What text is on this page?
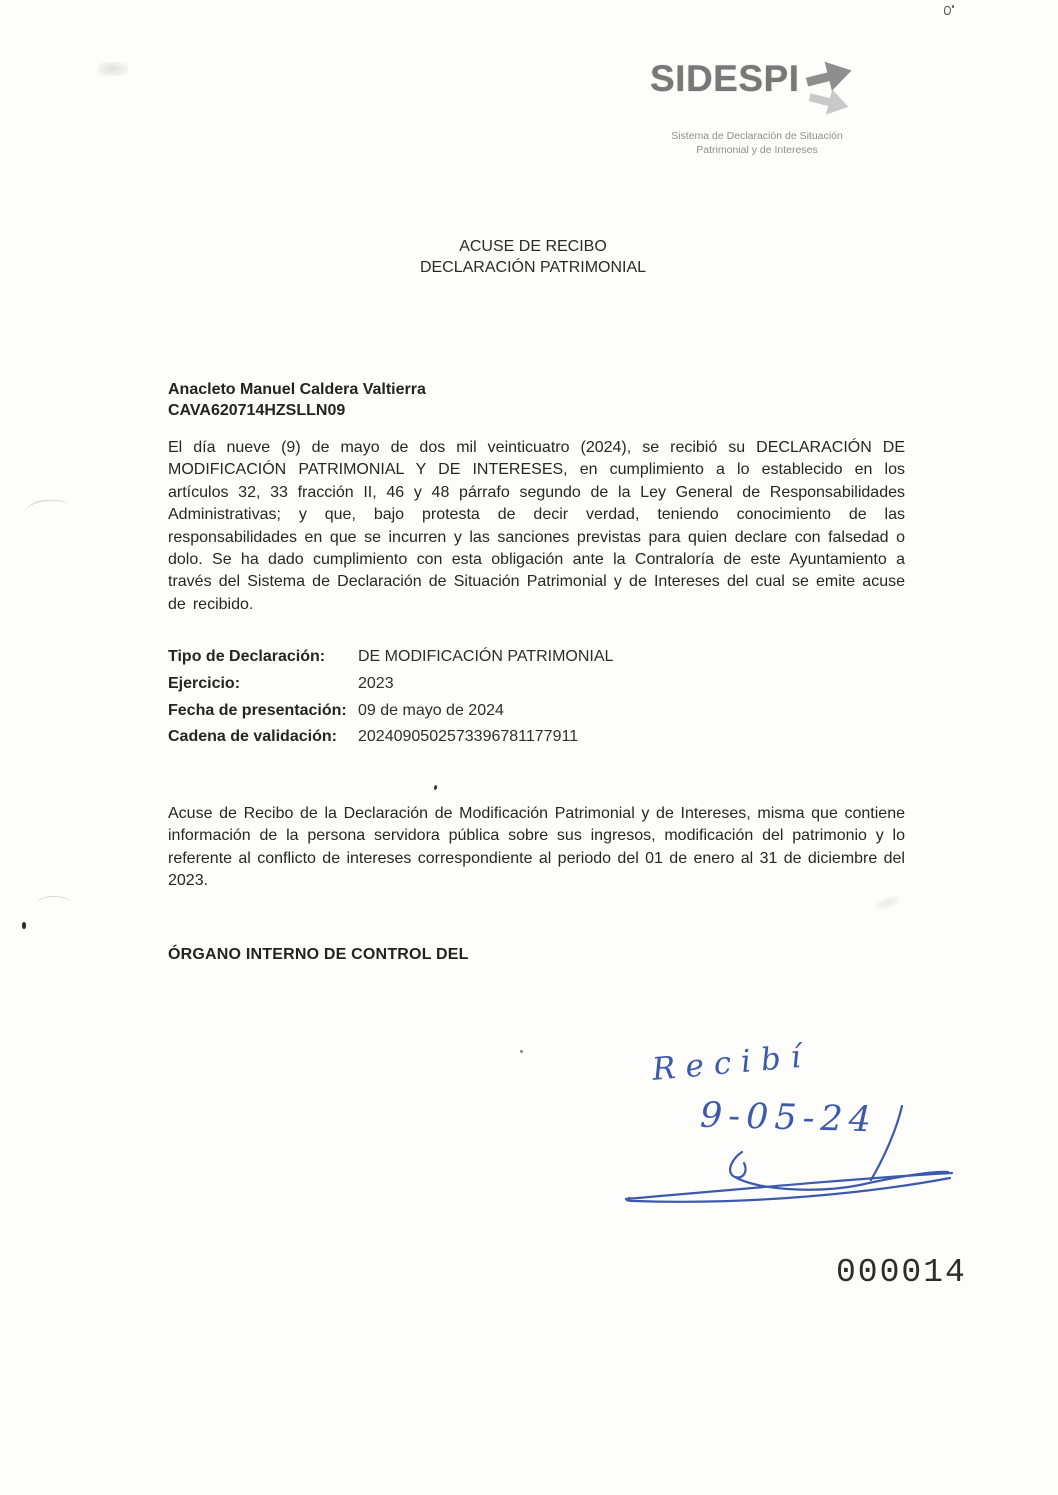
SIDESPI
Sistema de Declaración de Situación
Patrimonial y de Intereses
ACUSE DE RECIBO
DECLARACIÓN PATRIMONIAL
Anacleto Manuel Caldera Valtierra
CAVA620714HZSLLN09
El día nueve (9) de mayo de dos mil veinticuatro (2024), se recibió su DECLARACIÓN DE MODIFICACIÓN PATRIMONIAL Y DE INTERESES, en cumplimiento a lo establecido en los artículos 32, 33 fracción II, 46 y 48 párrafo segundo de la Ley General de Responsabilidades Administrativas; y que, bajo protesta de decir verdad, teniendo conocimiento de las responsabilidades en que se incurren y las sanciones previstas para quien declare con falsedad o dolo. Se ha dado cumplimiento con esta obligación ante la Contraloría de este Ayuntamiento a través del Sistema de Declaración de Situación Patrimonial y de Intereses del cual se emite acuse de recibido.
Tipo de Declaración:	DE MODIFICACIÓN PATRIMONIAL
Ejercicio:	2023
Fecha de presentación: 09 de mayo de 2024
Cadena de validación:	2024090502573396781177911
Acuse de Recibo de la Declaración de Modificación Patrimonial y de Intereses, misma que contiene información de la persona servidora pública sobre sus ingresos, modificación del patrimonio y lo referente al conflicto de intereses correspondiente al periodo del 01 de enero al 31 de diciembre del 2023.
ÓRGANO INTERNO DE CONTROL DEL
Recibí
9-05-24
000014
